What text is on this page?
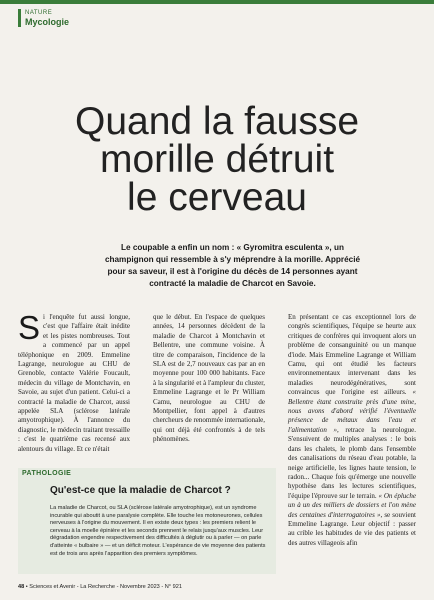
NATURE
Mycologie
Quand la fausse
morille détruit
le cerveau
Le coupable a enfin un nom : « Gyromitra esculenta », un champignon qui ressemble à s'y méprendre à la morille. Apprécié pour sa saveur, il est à l'origine du décès de 14 personnes ayant contracté la maladie de Charcot en Savoie.
Si l'enquête fut aussi longue, c'est que l'affaire était inédite et les pistes nombreuses. Tout a commencé par un appel téléphonique en 2009. Emmeline Lagrange, neurologue au CHU de Grenoble, contacte Valérie Foucault, médecin du village de Montchavin, en Savoie, au sujet d'un patient. Celui-ci a contracté la maladie de Charcot, aussi appelée SLA (sclérose latérale amyotrophique). À l'annonce du diagnostic, le médecin traitant tressaille : c'est le quatrième cas recensé aux alentours du village. Et ce n'était
que le début. En l'espace de quelques années, 14 personnes décèdent de la maladie de Charcot à Montchavin et Bellentre, une commune voisine. À titre de comparaison, l'incidence de la SLA est de 2,7 nouveaux cas par an en moyenne pour 100 000 habitants. Face à la singularité et à l'ampleur du cluster, Emmeline Lagrange et le Pr William Camu, neurologue au CHU de Montpellier, font appel à d'autres chercheurs de renommée internationale, qui ont déjà été confrontés à de tels phénomènes.
En présentant ce cas exceptionnel lors de congrès scientifiques, l'équipe se heurte aux critiques de confrères qui invoquent alors un problème de consanguinité ou un manque d'iode. Mais Emmeline Lagrange et William Camu, qui ont étudié les facteurs environnementaux intervenant dans les maladies neurodégénératives, sont convaincus que l'origine est ailleurs. « Bellentre étant construite près d'une mine, nous avons d'abord vérifié l'éventuelle présence de métaux dans l'eau et l'alimentation », retrace la neurologue. S'ensuivent de multiples analyses : le bois dans les chalets, le plomb dans l'ensemble des canalisations du réseau d'eau potable, la neige artificielle, les lignes haute tension, le radon... Chaque fois qu'émerge une nouvelle hypothèse dans les lectures scientifiques, l'équipe l'éprouve sur le terrain. « On épluche un à un des milliers de dossiers et l'on mène des centaines d'interrogatoires », se souvient Emmeline Lagrange. Leur objectif : passer au crible les habitudes de vie des patients et des autres villageois afin
PATHOLOGIE
Qu'est-ce que la maladie de Charcot ?
La maladie de Charcot, ou SLA (sclérose latérale amyotrophique), est un syndrome incurable qui aboutit à une paralysie complète. Elle touche les motoneurones, cellules nerveuses à l'origine du mouvement. Il en existe deux types : les premiers relient le cerveau à la moelle épinière et les seconds prennent le relais jusqu'aux muscles. Leur dégradation engendre respectivement des difficultés à déglutir ou à parler — on parle d'atteinte « bulbaire » — et un déficit moteur. L'espérance de vie moyenne des patients est de trois ans après l'apparition des premiers symptômes.
48 • Sciences et Avenir - La Recherche - Novembre 2023 - N° 921
